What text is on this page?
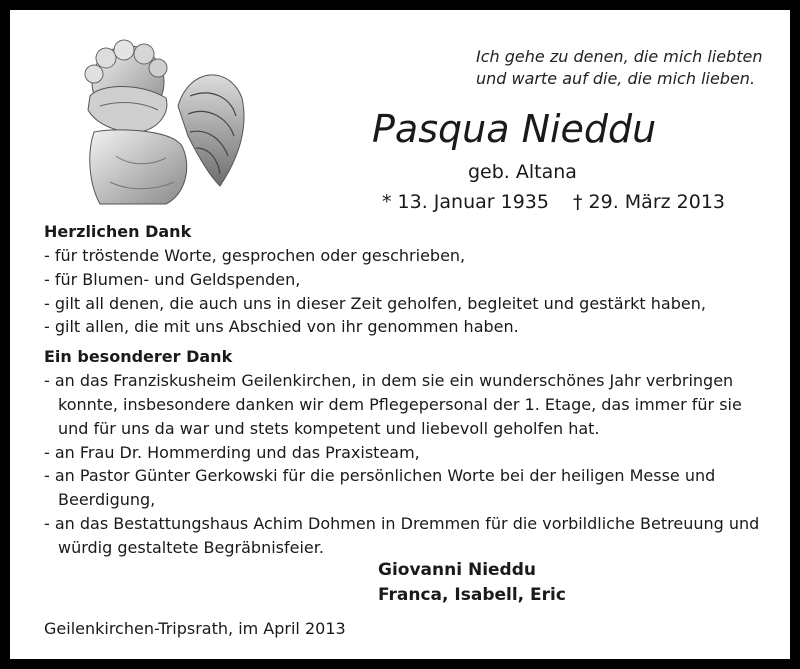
Ich gehe zu denen, die mich liebten
und warte auf die, die mich lieben.
Pasqua Nieddu
geb. Altana
* 13. Januar 1935 † 29. März 2013
Herzlichen Dank
- für tröstende Worte, gesprochen oder geschrieben,
- für Blumen- und Geldspenden,
- gilt all denen, die auch uns in dieser Zeit geholfen, begleitet und gestärkt haben,
- gilt allen, die mit uns Abschied von ihr genommen haben.
Ein besonderer Dank
- an das Franziskusheim Geilenkirchen, in dem sie ein wunderschönes Jahr verbringen
konnte, insbesondere danken wir dem Pflegepersonal der 1. Etage, das immer für sie
und für uns da war und stets kompetent und liebevoll geholfen hat.
- an Frau Dr. Hommerding und das Praxisteam,
- an Pastor Günter Gerkowski für die persönlichen Worte bei der heiligen Messe und
Beerdigung,
- an das Bestattungshaus Achim Dohmen in Dremmen für die vorbildliche Betreuung und
würdig gestaltete Begräbnisfeier.
Giovanni Nieddu
Franca, Isabell, Eric
Geilenkirchen-Tripsrath, im April 2013
